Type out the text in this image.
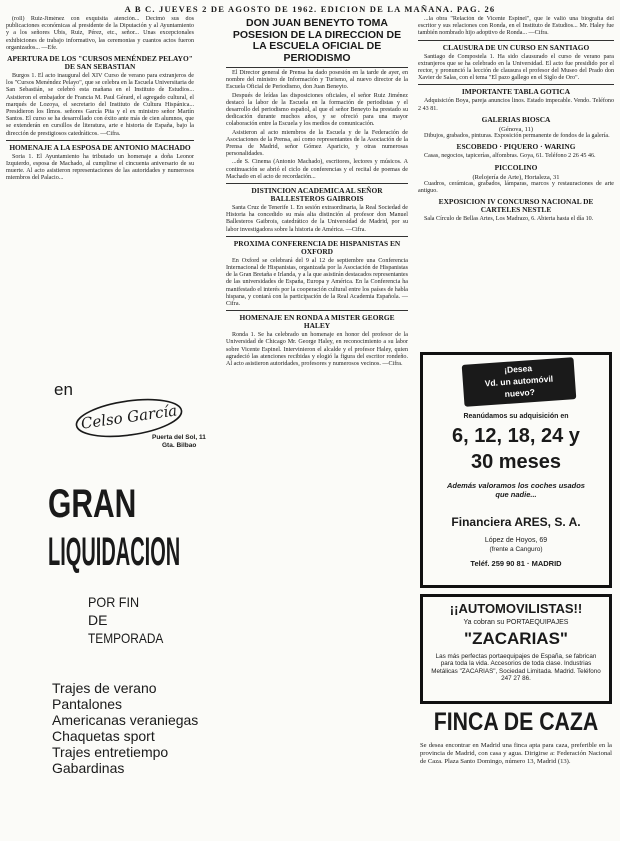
A B C. JUEVES 2 DE AGOSTO DE 1962. EDICION DE LA MAÑANA. PAG. 26

(roll) Ruiz-Jiménez con exquisita atención... Decimó sus dos publicaciones económicas al presidente de la Diputación y al Ayuntamiento y a los señores Ubis, Ruiz, Pérez, etc., señor... Unas excepcionales exhibiciones de trabajo informativo, las ceremonias y cuantos actos fueron organizados... —Efe.

APERTURA DE LOS "CURSOS MENÉNDEZ PELAYO" DE SAN SEBASTIAN

Burgos 1. El acto inaugural del XIV Curso de verano para extranjeros de los "Cursos Menéndez Pelayo", que se celebra en la Escuela Universitaria de San Sebastián, se celebró esta mañana en el Instituto de Estudios... Asistieron el embajador de Francia M. Paul Gérard, el agregado cultural, el marqués de Lozoya, el secretario del Instituto de Cultura Hispánica... Presidieron los Ilmos. señores García Pita y el ex ministro señor Martín Santos. El curso se ha desarrollado con éxito ante más de cien alumnos, que se extenderán en cursillos de literatura, arte e historia de España, bajo la dirección de prestigiosos catedráticos. —Cifra.

HOMENAJE A LA ESPOSA DE ANTONIO MACHADO

Soria 1. El Ayuntamiento ha tributado un homenaje a doña Leonor Izquierdo, esposa de Machado, al cumplirse el cincuenta aniversario de su muerte. Al acto asistieron representaciones de las autoridades y numerosos miembros del Palacio...

en
Celso García
Puerta del Sol, 11
Gta. Bilbao
GRAN
LIQUIDACION
POR FIN
DE
TEMPORADA
Trajes de verano
Pantalones
Americanas veraniegas
Chaquetas sport
Trajes entretiempo
Gabardinas
DON JUAN BENEYTO TOMA POSESION DE LA DIRECCION DE LA ESCUELA OFICIAL DE PERIODISMO

El Director general de Prensa ha dado posesión en la tarde de ayer, en nombre del ministro de Información y Turismo, al nuevo director de la Escuela Oficial de Periodismo, don Juan Beneyto.

Después de leídas las disposiciones oficiales, el señor Ruiz Jiménez destacó la labor de la Escuela en la formación de periodistas y el desarrollo del periodismo español, al que el señor Beneyto ha prestado su dedicación durante muchos años, y se ofreció para una mayor colaboración entre la Escuela y los medios de comunicación.

Asistieron al acto miembros de la Escuela y de la Federación de Asociaciones de la Prensa, así como representantes de la Asociación de la Prensa de Madrid, señor Gómez Aparicio, y otras numerosas personalidades.

...de S. Cinema (Antonio Machado), escritores, lectores y músicos. A continuación se abrió el ciclo de conferencias y el recital de poemas de Machado en el acto de recordación...

DISTINCION ACADEMICA AL SEÑOR BALLESTEROS GAIBROIS

Santa Cruz de Tenerife 1. En sesión extraordinaria, la Real Sociedad de Historia ha concedido su más alta distinción al profesor don Manuel Ballesteros Gaibrois, catedrático de la Universidad de Madrid, por su labor investigadora sobre la historia de América. —Cifra.

PROXIMA CONFERENCIA DE HISPANISTAS EN OXFORD

En Oxford se celebrará del 9 al 12 de septiembre una Conferencia Internacional de Hispanistas, organizada por la Asociación de Hispanistas de la Gran Bretaña e Irlanda, y a la que asistirán destacados representantes de las universidades de España, Europa y América. En la Conferencia ha manifestado el interés por la cooperación cultural entre los países de habla hispana, y contará con la participación de la Real Academia Española. —Cifra.

HOMENAJE EN RONDA A MISTER GEORGE HALEY

Ronda 1. Se ha celebrado un homenaje en honor del profesor de la Universidad de Chicago Mr. George Haley, en reconocimiento a su labor sobre Vicente Espinel. Intervinieron el alcalde y el profesor Haley, quien agradeció las atenciones recibidas y elogió la figura del escritor rondeño. Al acto asistieron autoridades, profesores y numerosos vecinos. —Cifra.

...la obra "Relación de Vicente Espinel", que le valió una biografía del escritor y sus relaciones con Ronda, en el Instituto de Estudios... Mr. Haley fue también nombrado hijo adoptivo de Ronda... —Cifra.

CLAUSURA DE UN CURSO EN SANTIAGO

Santiago de Compostela 1. Ha sido clausurado el curso de verano para extranjeros que se ha celebrado en la Universidad. El acto fue presidido por el rector, y pronunció la lección de clausura el profesor del Museo del Prado don Xavier de Salas, con el tema "El pazo gallego en el Siglo de Oro".

IMPORTANTE TABLA GOTICA

Adquisición Boya, pareja anuncios linos. Estado impecable. Vendo. Teléfono 2 43 81.

GALERIAS BIOSCA
(Génova, 11)

Dibujos, grabados, pinturas. Exposición permanente de fondos de la galería.

ESCOBEDO · PIQUERO · WARING

Casas, negocios, tapicerías, alfombras. Goya, 61. Teléfono 2 26 45 46.

PICCOLINO
(Relojería de Arte), Hortaleza, 31

Cuadros, cerámicas, grabados, lámparas, marcos y restauraciones de arte antiguo.

EXPOSICION IV CONCURSO NACIONAL DE CARTELES NESTLE

Sala Círculo de Bellas Artes, Los Madrazo, 6. Abierta hasta el día 10.

¡Desea
Vd. un automóvil
nuevo?
Reanúdamos su adquisición en
6, 12, 18, 24 y
30 meses
Además valoramos los coches usados que nadie...
Financiera ARES, S. A.
López de Hoyos, 69
(frente a Canguro)
Teléf. 259 90 81 · MADRID
¡¡AUTOMOVILISTAS!!
Ya cobran su PORTAEQUIPAJES
"ZACARIAS"
Las más perfectas portaequipajes de España, se fabrican para toda la vida. Accesorios de toda clase. Industrias Metálicas "ZACARIAS", Sociedad Limitada. Madrid. Teléfono 247 27 86.
FINCA DE CAZA
Se desea encontrar en Madrid una finca apta para caza, preferible en la provincia de Madrid, con casa y agua. Dirigirse a: Federación Nacional de Caza. Plaza Santo Domingo, número 13, Madrid (13).
